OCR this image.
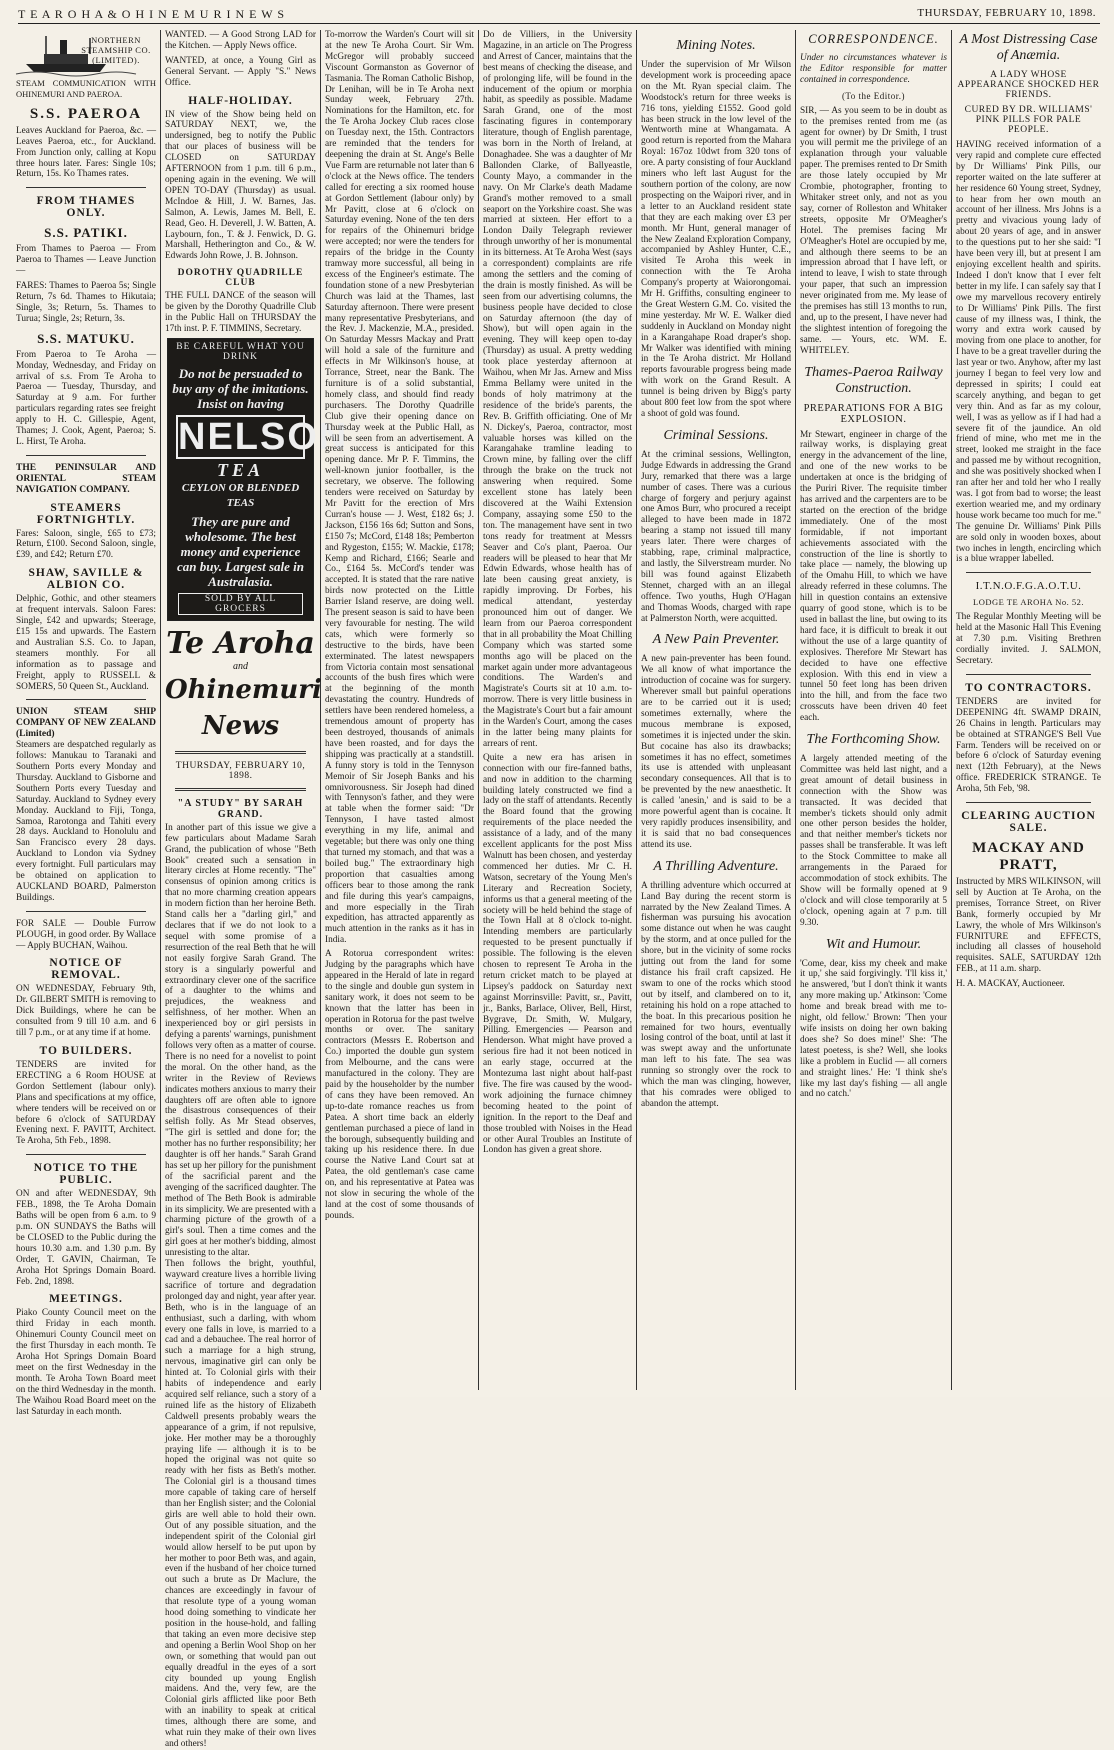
T E A R O H A & O H I N E M U R I N E W S	THURSDAY, FEBRUARY 10, 1898.
NORTHERN STEAMSHIP CO. (LIMITED).

STEAM COMMUNICATION WITH OHINEMURI AND PAEROA.

S.S. PAEROA

Leaves Auckland for Paeroa, &c. — Leaves Paeroa, etc., for Auckland. From Junction only, calling at Kopu three hours later. Fares: Single 10s; Return, 15s. Ko Thames rates.

FROM THAMES ONLY.
S.S. PATIKI.

From Thames to Paeroa — From Paeroa to Thames — Leave Junction —

FARES: Thames to Paeroa 5s; Single Return, 7s 6d. Thames to Hikutaia; Single, 3s; Return, 5s. Thames to Turua; Single, 2s; Return, 3s.

S.S. MATUKU.

From Paeroa to Te Aroha — Monday, Wednesday, and Friday on arrival of s.s. From Te Aroha to Paeroa — Tuesday, Thursday, and Saturday at 9 a.m. For further particulars regarding rates see freight apply to H. C. Gillespie, Agent, Thames; J. Cook, Agent, Paeroa; S. L. Hirst, Te Aroha.

THE PENINSULAR AND ORIENTAL STEAM NAVIGATION COMPANY.

STEAMERS FORTNIGHTLY.

Fares: Saloon, single, £65 to £73; Return, £100. Second Saloon, single, £39, and £42; Return £70.

SHAW, SAVILLE & ALBION CO.

Delphic, Gothic, and other steamers at frequent intervals. Saloon Fares: Single, £42 and upwards; Steerage, £15 15s and upwards. The Eastern and Australian S.S. Co. to Japan, steamers monthly. For all information as to passage and Freight, apply to RUSSELL & SOMERS, 50 Queen St., Auckland.

UNION STEAM SHIP COMPANY OF NEW ZEALAND (Limited)

Steamers are despatched regularly as follows: Manukau to Taranaki and Southern Ports every Monday and Thursday. Auckland to Gisborne and Southern Ports every Tuesday and Saturday. Auckland to Sydney every Monday. Auckland to Fiji, Tonga, Samoa, Rarotonga and Tahiti every 28 days. Auckland to Honolulu and San Francisco every 28 days. Auckland to London via Sydney every fortnight. Full particulars may be obtained on application to AUCKLAND BOARD, Palmerston Buildings.

FOR SALE — Double Furrow PLOUGH, in good order. By Wallace — Apply BUCHAN, Waihou.

NOTICE OF REMOVAL.

ON WEDNESDAY, February 9th, Dr. GILBERT SMITH is removing to Dick Buildings, where he can be consulted from 9 till 10 a.m. and 6 till 7 p.m., or at any time if at home.

TO BUILDERS.

TENDERS are invited for ERECTING a 6 Room HOUSE at Gordon Settlement (labour only). Plans and specifications at my office, where tenders will be received on or before 6 o'clock of SATURDAY Evening next. F. PAVITT, Architect. Te Aroha, 5th Feb., 1898.

NOTICE TO THE PUBLIC.

ON and after WEDNESDAY, 9th FEB., 1898, the Te Aroha Domain Baths will be open from 6 a.m. to 9 p.m. ON SUNDAYS the Baths will be CLOSED to the Public during the hours 10.30 a.m. and 1.30 p.m. By Order, T. GAVIN, Chairman, Te Aroha Hot Springs Domain Board. Feb. 2nd, 1898.

MEETINGS.

Piako County Council meet on the third Friday in each month. Ohinemuri County Council meet on the first Thursday in each month. Te Aroha Hot Springs Domain Board meet on the first Wednesday in the month. Te Aroha Town Board meet on the third Wednesday in the month. The Waihou Road Board meet on the last Saturday in each month.

WANTED. — A Good Strong LAD for the Kitchen. — Apply News office.

WANTED, at once, a Young Girl as General Servant. — Apply "S." News Office.

HALF-HOLIDAY.

IN view of the Show being held on SATURDAY NEXT, we, the undersigned, beg to notify the Public that our places of business will be CLOSED on SATURDAY AFTERNOON from 1 p.m. till 6 p.m., opening again in the evening. We will OPEN TO-DAY (Thursday) as usual. McIndoe & Hill, J. W. Barnes, Jas. Salmon, A. Lewis, James M. Bell, E. Read, Geo. H. Deverell, J. W. Batten, A. Laybourn, fon., T. & J. Fenwick, D. G. Marshall, Hetherington and Co., & W. Edwards John Rowe, J. B. Johnson.

DOROTHY QUADRILLE CLUB

THE FULL DANCE of the season will be given by the Dorothy Quadrille Club in the Public Hall on THURSDAY the 17th inst. P. F. TIMMINS, Secretary.

BE CAREFUL WHAT YOU DRINK
Do not be persuaded to buy any of the imitations. Insist on having
NELSON
TEA
CEYLON OR BLENDED TEAS
They are pure and wholesome. The best money and experience can buy. Largest sale in Australasia.
SOLD BY ALL GROCERS
Te Aroha
and
Ohinemuri News
THURSDAY, FEBRUARY 10, 1898.
"A STUDY" BY SARAH GRAND.

In another part of this issue we give a few particulars about Madame Sarah Grand, the publication of whose "Beth Book" created such a sensation in literary circles at Home recently. "The" consensus of opinion among critics is that no more charming creation appears in modern fiction than her heroine Beth. Stand calls her a "darling girl," and declares that if we do not look to a sequel with some promise of a resurrection of the real Beth that he will not easily forgive Sarah Grand. The story is a singularly powerful and extraordinary clever one of the sacrifice of a daughter to the whims and prejudices, the weakness and selfishness, of her mother. When an inexperienced boy or girl persists in defying a parents' warnings, punishment follows very often as a matter of course. There is no need for a novelist to point the moral. On the other hand, as the writer in the Review of Reviews indicates mothers anxious to marry their daughters off are often able to ignore the disastrous consequences of their selfish folly. As Mr Stead observes, "The girl is settled and done for; the mother has no further responsibility; her daughter is off her hands." Sarah Grand has set up her pillory for the punishment of the sacrificial parent and the avenging of the sacrificed daughter. The method of The Beth Book is admirable in its simplicity. We are presented with a charming picture of the growth of a girl's soul. Then a time comes and the girl goes at her mother's bidding, almost unresisting to the altar.

Then follows the bright, youthful, wayward creature lives a horrible living sacrifice of torture and degradation prolonged day and night, year after year. Beth, who is in the language of an enthusiast, such a darling, with whom every one falls in love, is married to a cad and a debauchee. The real horror of such a marriage for a high strung, nervous, imaginative girl can only be hinted at. To Colonial girls with their habits of independence and early acquired self reliance, such a story of a ruined life as the history of Elizabeth Caldwell presents probably wears the appearance of a grim, if not repulsive, joke. Her mother may be a thoroughly praying life — although it is to be hoped the original was not quite so ready with her fists as Beth's mother. The Colonial girl is a thousand times more capable of taking care of herself than her English sister; and the Colonial girls are well able to hold their own. Out of any possible situation, and the independent spirit of the Colonial girl would allow herself to be put upon by her mother to poor Beth was, and again, even if the husband of her choice turned out such a brute as Dr Maclure, the chances are exceedingly in favour of that resolute type of a young woman hood doing something to vindicate her position in the house-hold, and falling that taking an even more decisive step and opening a Berlin Wool Shop on her own, or something that would pan out equally dreadful in the eyes of a sort city bounded up young English maidens. And the, very few, are the Colonial girls afflicted like poor Beth with an inability to speak at critical times, although there are some, and what ruin they make of their own lives and others!

To-morrow the Warden's Court will sit at the new Te Aroha Court. Sir Wm. McGregor will probably succeed Viscount Gormanston as Governor of Tasmania. The Roman Catholic Bishop, Dr Lenihan, will be in Te Aroha next Sunday week, February 27th. Nominations for the Hamilton, etc. for the Te Aroha Jockey Club races close on Tuesday next, the 15th. Contractors are reminded that the tenders for deepening the drain at St. Ange's Belle Vue Farm are returnable not later than 6 o'clock at the News office. The tenders called for erecting a six roomed house at Gordon Settlement (labour only) by Mr Pavitt, close at 6 o'clock on Saturday evening. None of the ten ders for repairs of the Ohinemuri bridge were accepted; nor were the tenders for repairs of the bridge in the County tramway more successful, all being in excess of the Engineer's estimate. The foundation stone of a new Presbyterian Church was laid at the Thames, last Saturday afternoon. There were present many representative Presbyterians, and the Rev. J. Mackenzie, M.A., presided. On Saturday Messrs Mackay and Pratt will hold a sale of the furniture and effects in Mr Wilkinson's house, at Torrance, Street, near the Bank. The furniture is of a solid substantial, homely class, and should find ready purchasers. The Dorothy Quadrille Club give their opening dance on Thursday week at the Public Hall, as will be seen from an advertisement. A great success is anticipated for this opening dance. Mr P. F. Timmins, the well-known junior footballer, is the secretary, we observe. The following tenders were received on Saturday by Mr Pavitt for the erection of Mrs Curran's house — J. West, £182 6s; J. Jackson, £156 16s 6d; Sutton and Sons, £150 7s; McCord, £148 18s; Pemberton and Rygeston, £155; W. Mackie, £178; Kemp and Richard, £166; Searle and Co., £164 5s. McCord's tender was accepted. It is stated that the rare native birds now protected on the Little Barrier Island reserve, are doing well. The present season is said to have been very favourable for nesting. The wild cats, which were formerly so destructive to the birds, have been exterminated. The latest newspapers from Victoria contain most sensational accounts of the bush fires which were at the beginning of the month devastating the country. Hundreds of settlers have been rendered homeless, a tremendous amount of property has been destroyed, thousands of animals have been roasted, and for days the shipping was practically at a standstill. A funny story is told in the Tennyson Memoir of Sir Joseph Banks and his omnivorousness. Sir Joseph had dined with Tennyson's father, and they were at table when the former said: "Dr Tennyson, I have tasted almost everything in my life, animal and vegetable; but there was only one thing that turned my stomach, and that was a boiled bug." The extraordinary high proportion that casualties among officers bear to those among the rank and file during this year's campaigns, and more especially in the Tirah expedition, has attracted apparently as much attention in the ranks as it has in India.

A Rotorua correspondent writes: Judging by the paragraphs which have appeared in the Herald of late in regard to the single and double gun system in sanitary work, it does not seem to be known that the latter has been in operation in Rotorua for the past twelve months or over. The sanitary contractors (Messrs E. Robertson and Co.) imported the double gun system from Melbourne, and the cans were manufactured in the colony. They are paid by the householder by the number of cans they have been removed. An up-to-date romance reaches us from Patea. A short time back an elderly gentleman purchased a piece of land in the borough, subsequently building and taking up his residence there. In due course the Native Land Court sat at Patea, the old gentleman's case came on, and his representative at Patea was not slow in securing the whole of the land at the cost of some thousands of pounds.

Do de Villiers, in the University Magazine, in an article on The Progress and Arrest of Cancer, maintains that the best means of checking the disease, and of prolonging life, will be found in the inducement of the opium or morphia habit, as speedily as possible. Madame Sarah Grand, one of the most fascinating figures in contemporary literature, though of English parentage, was born in the North of Ireland, at Donaghadee. She was a daughter of Mr Ballonden Clarke, of Ballyeastle, County Mayo, a commander in the navy. On Mr Clarke's death Madame Grand's mother removed to a small seaport on the Yorkshire coast. She was married at sixteen. Her effort to a London Daily Telegraph reviewer through unworthy of her is monumental in its bitterness. At Te Aroha West (says a correspondent) complaints are rife among the settlers and the coming of the drain is mostly finished. As will be seen from our advertising columns, the business people have decided to close on Saturday afternoon (the day of Show), but will open again in the evening. They will keep open to-day (Thursday) as usual. A pretty wedding took place yesterday afternoon at Waihou, when Mr Jas. Arnew and Miss Emma Bellamy were united in the bonds of holy matrimony at the residence of the bride's parents, the Rev. B. Griffith officiating. One of Mr N. Dickey's, Paeroa, contractor, most valuable horses was killed on the Karangahake tramline leading to Crown mine, by falling over the cliff through the brake on the truck not answering when required. Some excellent stone has lately been discovered at the Waihi Extension Company, assaying some £50 to the ton. The management have sent in two tons ready for treatment at Messrs Seaver and Co's plant, Paeroa. Our readers will be pleased to hear that Mr Edwin Edwards, whose health has of late been causing great anxiety, is rapidly improving. Dr Forbes, his medical attendant, yesterday pronounced him out of danger. We learn from our Paeroa correspondent that in all probability the Moat Chilling Company which was started some months ago will be placed on the market again under more advantageous conditions. The Warden's and Magistrate's Courts sit at 10 a.m. to-morrow. There is very little business in the Magistrate's Court but a fair amount in the Warden's Court, among the cases in the latter being many plaints for arrears of rent.

Quite a new era has arisen in connection with our fire-fanned baths, and now in addition to the charming building lately constructed we find a lady on the staff of attendants. Recently the Board found that the growing requirements of the place needed the assistance of a lady, and of the many excellent applicants for the post Miss Walnutt has been chosen, and yesterday commenced her duties. Mr C. H. Watson, secretary of the Young Men's Literary and Recreation Society, informs us that a general meeting of the society will be held behind the stage of the Town Hall at 8 o'clock to-night. Intending members are particularly requested to be present punctually if possible. The following is the eleven chosen to represent Te Aroha in the return cricket match to be played at Lipsey's paddock on Saturday next against Morrinsville: Pavitt, sr., Pavitt, jr., Banks, Barlace, Oliver, Bell, Hirst, Bygrave, Dr. Smith, W. Mulgary, Pilling. Emergencies — Pearson and Henderson. What might have proved a serious fire had it not been noticed in an early stage, occurred at the Montezuma last night about half-past five. The fire was caused by the wood-work adjoining the furnace chimney becoming heated to the point of ignition. In the report to the Deaf and those troubled with Noises in the Head or other Aural Troubles an Institute of London has given a great shore.

Mining Notes.

Under the supervision of Mr Wilson development work is proceeding apace on the Mt. Ryan special claim. The Woodstock's return for three weeks is 716 tons, yielding £1552. Good gold has been struck in the low level of the Wentworth mine at Whangamata. A good return is reported from the Mahara Royal: 167oz 10dwt from 320 tons of ore. A party consisting of four Auckland miners who left last August for the southern portion of the colony, are now prospecting on the Waipori river, and in a letter to an Auckland resident state that they are each making over £3 per month. Mr Hunt, general manager of the New Zealand Exploration Company, accompanied by Ashley Hunter, C.E., visited Te Aroha this week in connection with the Te Aroha Company's property at Waiorongomai. Mr H. Griffiths, consulting engineer to the Great Western G.M. Co. visited the mine yesterday. Mr W. E. Walker died suddenly in Auckland on Monday night in a Karangahape Road draper's shop. Mr Walker was identified with mining in the Te Aroha district. Mr Holland reports favourable progress being made with work on the Grand Result. A tunnel is being driven by Bigg's party about 800 feet low from the spot where a shoot of gold was found.

Criminal Sessions.

At the criminal sessions, Wellington, Judge Edwards in addressing the Grand Jury, remarked that there was a large number of cases. There was a curious charge of forgery and perjury against one Amos Burr, who procured a receipt alleged to have been made in 1872 bearing a stamp not issued till many years later. There were charges of stabbing, rape, criminal malpractice, and lastly, the Silverstream murder. No bill was found against Elizabeth Stennet, charged with an an illegal offence. Two youths, Hugh O'Hagan and Thomas Woods, charged with rape at Palmerston North, were acquitted.

A New Pain Preventer.

A new pain-preventer has been found. We all know of what importance the introduction of cocaine was for surgery. Wherever small but painful operations are to be carried out it is used; sometimes externally, where the mucous membrane is exposed, sometimes it is injected under the skin. But cocaine has also its drawbacks; sometimes it has no effect, sometimes its use is attended with unpleasant secondary consequences. All that is to be prevented by the new anaesthetic. It is called 'anesin,' and is said to be a more powerful agent than is cocaine. It very rapidly produces insensibility, and it is said that no bad consequences attend its use.

A Thrilling Adventure.

A thrilling adventure which occurred at Land Bay during the recent storm is narrated by the New Zealand Times. A fisherman was pursuing his avocation some distance out when he was caught by the storm, and at once pulled for the shore, but in the vicinity of some rocks jutting out from the land for some distance his frail craft capsized. He swam to one of the rocks which stood out by itself, and clambered on to it, retaining his hold on a rope attached to the boat. In this precarious position he remained for two hours, eventually losing control of the boat, until at last it was swept away and the unfortunate man left to his fate. The sea was running so strongly over the rock to which the man was clinging, however, that his comrades were obliged to abandon the attempt.

CORRESPONDENCE.

Under no circumstances whatever is the Editor responsible for matter contained in correspondence.

(To the Editor.)

SIR, — As you seem to be in doubt as to the premises rented from me (as agent for owner) by Dr Smith, I trust you will permit me the privilege of an explanation through your valuable paper. The premises rented to Dr Smith are those lately occupied by Mr Crombie, photographer, fronting to Whitaker street only, and not as you say, corner of Rolleston and Whitaker streets, opposite Mr O'Meagher's Hotel. The premises facing Mr O'Meagher's Hotel are occupied by me, and although there seems to be an impression abroad that I have left, or intend to leave, I wish to state through your paper, that such an impression never originated from me. My lease of the premises has still 13 months to run, and, up to the present, I have never had the slightest intention of foregoing the same. — Yours, etc. WM. E. WHITELEY.

Thames-Paeroa Railway Construction.
PREPARATIONS FOR A BIG EXPLOSION.

Mr Stewart, engineer in charge of the railway works, is displaying great energy in the advancement of the line, and one of the new works to be undertaken at once is the bridging of the Puriri River. The requisite timber has arrived and the carpenters are to be started on the erection of the bridge immediately. One of the most formidable, if not important achievements associated with the construction of the line is shortly to take place — namely, the blowing up of the Omahu Hill, to which we have already referred in these columns. The hill in question contains an extensive quarry of good stone, which is to be used in ballast the line, but owing to its hard face, it is difficult to break it out without the use of a large quantity of explosives. Therefore Mr Stewart has decided to have one effective explosion. With this end in view a tunnel 50 feet long has been driven into the hill, and from the face two crosscuts have been driven 40 feet each.

The Forthcoming Show.

A largely attended meeting of the Committee was held last night, and a great amount of detail business in connection with the Show was transacted. It was decided that member's tickets should only admit one other person besides the holder, and that neither member's tickets nor passes shall be transferable. It was left to the Stock Committee to make all arrangements in the Paraed for accommodation of stock exhibits. The Show will be formally opened at 9 o'clock and will close temporarily at 5 o'clock, opening again at 7 p.m. till 9.30.

Wit and Humour.

'Come, dear, kiss my cheek and make it up,' she said forgivingly. 'I'll kiss it,' he answered, 'but I don't think it wants any more making up.' Atkinson: 'Come home and break bread with me to-night, old fellow.' Brown: 'Then your wife insists on doing her own baking does she? So does mine!' She: 'The latest poetess, is she? Well, she looks like a problem in Euclid — all corners and straight lines.' He: 'I think she's like my last day's fishing — all angle and no catch.'

A Most Distressing Case of Anæmia.
A LADY WHOSE APPEARANCE SHOCKED HER FRIENDS.
CURED BY DR. WILLIAMS' PINK PILLS FOR PALE PEOPLE.

HAVING received information of a very rapid and complete cure effected by Dr Williams' Pink Pills, our reporter waited on the late sufferer at her residence 60 Young street, Sydney, to hear from her own mouth an account of her illness. Mrs Johns is a pretty and vivacious young lady of about 20 years of age, and in answer to the questions put to her she said: "I have been very ill, but at present I am enjoying excellent health and spirits. Indeed I don't know that I ever felt better in my life. I can safely say that I owe my marvellous recovery entirely to Dr Williams' Pink Pills. The first cause of my illness was, I think, the worry and extra work caused by moving from one place to another, for I have to be a great traveller during the last year or two. Anyhow, after my last journey I began to feel very low and depressed in spirits; I could eat scarcely anything, and began to get very thin. And as far as my colour, well, I was as yellow as if I had had a severe fit of the jaundice. An old friend of mine, who met me in the street, looked me straight in the face and passed me by without recognition, and she was positively shocked when I ran after her and told her who I really was. I got from bad to worse; the least exertion wearied me, and my ordinary house work became too much for me." The genuine Dr. Williams' Pink Pills are sold only in wooden boxes, about two inches in length, encircling which is a blue wrapper labelled.

I.T.N.O.F.G.A.O.T.U.
LODGE TE AROHA No. 52.

The Regular Monthly Meeting will be held at the Masonic Hall This Evening at 7.30 p.m. Visiting Brethren cordially invited. J. SALMON, Secretary.

TO CONTRACTORS.

TENDERS are invited for DEEPENING 4ft. SWAMP DRAIN, 26 Chains in length. Particulars may be obtained at STRANGE'S Bell Vue Farm. Tenders will be received on or before 6 o'clock of Saturday evening next (12th February), at the News office. FREDERICK STRANGE. Te Aroha, 5th Feb, '98.

CLEARING AUCTION SALE.
MACKAY AND PRATT,

Instructed by MRS WILKINSON, will sell by Auction at Te Aroha, on the premises, Torrance Street, on River Bank, formerly occupied by Mr Lawry, the whole of Mrs Wilkinson's FURNITURE and EFFECTS, including all classes of household requisites. SALE, SATURDAY 12th FEB., at 11 a.m. sharp.

H. A. MACKAY, Auctioneer.
